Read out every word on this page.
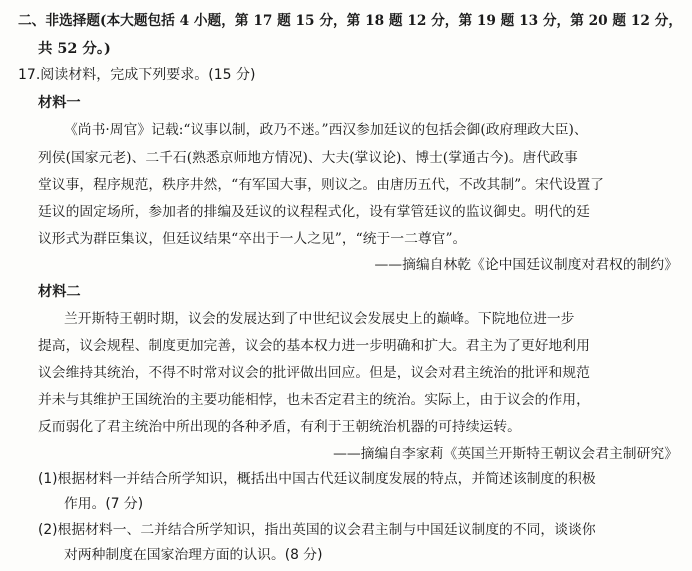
二、非选择题(本大题包括 4 小题，第 17 题 15 分，第 18 题 12 分，第 19 题 13 分，第 20 题 12 分，
共 52 分。)
17.阅读材料，完成下列要求。(15 分)
材料一
《尚书·周官》记载:“议事以制，政乃不迷。”西汉参加廷议的包括会御(政府理政大臣)、
列侯(国家元老)、二千石(熟悉京师地方情况)、大夫(掌议论)、博士(掌通古今)。唐代政事
堂议事，程序规范，秩序井然，“有军国大事，则议之。由唐历五代，不改其制”。宋代设置了
廷议的固定场所，参加者的排编及廷议的议程程式化，设有掌管廷议的监议御史。明代的廷
议形式为群臣集议，但廷议结果“卒出于一人之见”，“统于一二尊官”。
——摘编自林乾《论中国廷议制度对君权的制约》
材料二
兰开斯特王朝时期，议会的发展达到了中世纪议会发展史上的巅峰。下院地位进一步
提高，议会规程、制度更加完善，议会的基本权力进一步明确和扩大。君主为了更好地利用
议会维持其统治，不得不时常对议会的批评做出回应。但是，议会对君主统治的批评和规范
并未与其维护王国统治的主要功能相悖，也未否定君主的统治。实际上，由于议会的作用，
反而弱化了君主统治中所出现的各种矛盾，有利于王朝统治机器的可持续运转。
——摘编自李家莉《英国兰开斯特王朝议会君主制研究》
(1)根据材料一并结合所学知识，概括出中国古代廷议制度发展的特点，并简述该制度的积极
作用。(7 分)
(2)根据材料一、二并结合所学知识，指出英国的议会君主制与中国廷议制度的不同，谈谈你
对两种制度在国家治理方面的认识。(8 分)
